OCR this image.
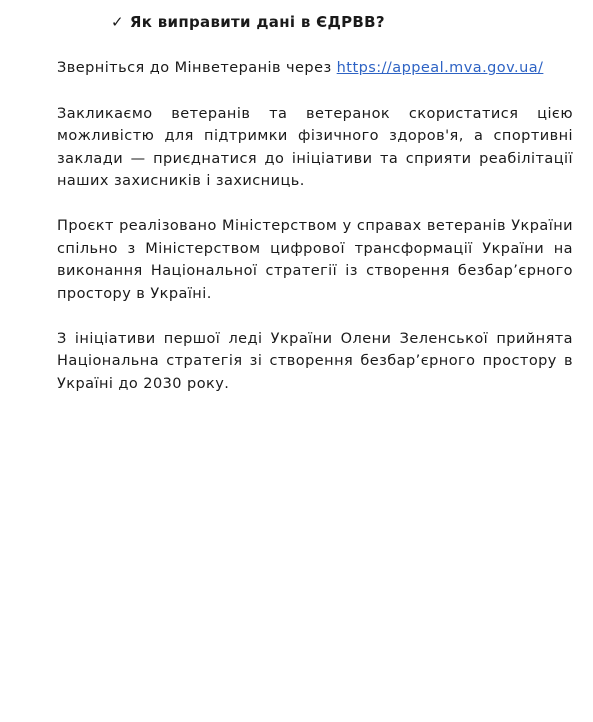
✓ Як виправити дані в ЄДРВВ?

Зверніться до Мінветеранів через https://appeal.mva.gov.ua/

Закликаємо ветеранів та ветеранок скористатися цією можливістю для підтримки фізичного здоров'я, а спортивні заклади — приєднатися до ініціативи та сприяти реабілітації наших захисників і захисниць.

Проєкт реалізовано Міністерством у справах ветеранів України спільно з Міністерством цифрової трансформації України на виконання Національної стратегії із створення безбар’єрного простору в Україні.

З ініціативи першої леді України Олени Зеленської прийнята Національна стратегія зі створення безбар’єрного простору в Україні до 2030 року.
